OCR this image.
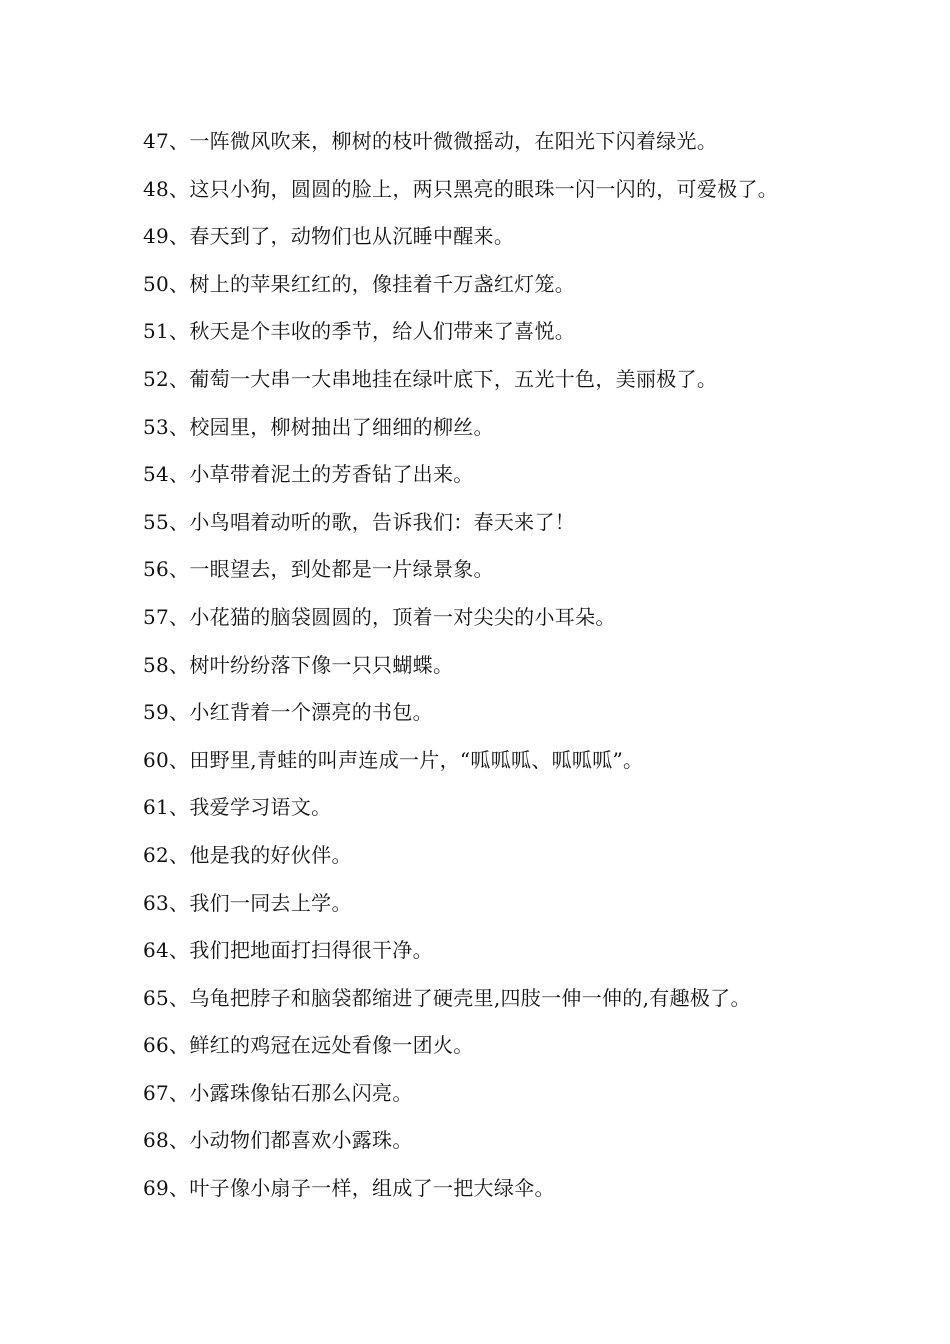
47、一阵微风吹来，柳树的枝叶微微摇动，在阳光下闪着绿光。
48、这只小狗，圆圆的脸上，两只黑亮的眼珠一闪一闪的，可爱极了。
49、春天到了，动物们也从沉睡中醒来。
50、树上的苹果红红的，像挂着千万盏红灯笼。
51、秋天是个丰收的季节，给人们带来了喜悦。
52、葡萄一大串一大串地挂在绿叶底下，五光十色，美丽极了。
53、校园里，柳树抽出了细细的柳丝。
54、小草带着泥土的芳香钻了出来。
55、小鸟唱着动听的歌，告诉我们：春天来了！
56、一眼望去，到处都是一片绿景象。
57、小花猫的脑袋圆圆的，顶着一对尖尖的小耳朵。
58、树叶纷纷落下像一只只蝴蝶。
59、小红背着一个漂亮的书包。
60、田野里,青蛙的叫声连成一片，“呱呱呱、呱呱呱”。
61、我爱学习语文。
62、他是我的好伙伴。
63、我们一同去上学。
64、我们把地面打扫得很干净。
65、乌龟把脖子和脑袋都缩进了硬壳里,四肢一伸一伸的,有趣极了。
66、鲜红的鸡冠在远处看像一团火。
67、小露珠像钻石那么闪亮。
68、小动物们都喜欢小露珠。
69、叶子像小扇子一样，组成了一把大绿伞。
